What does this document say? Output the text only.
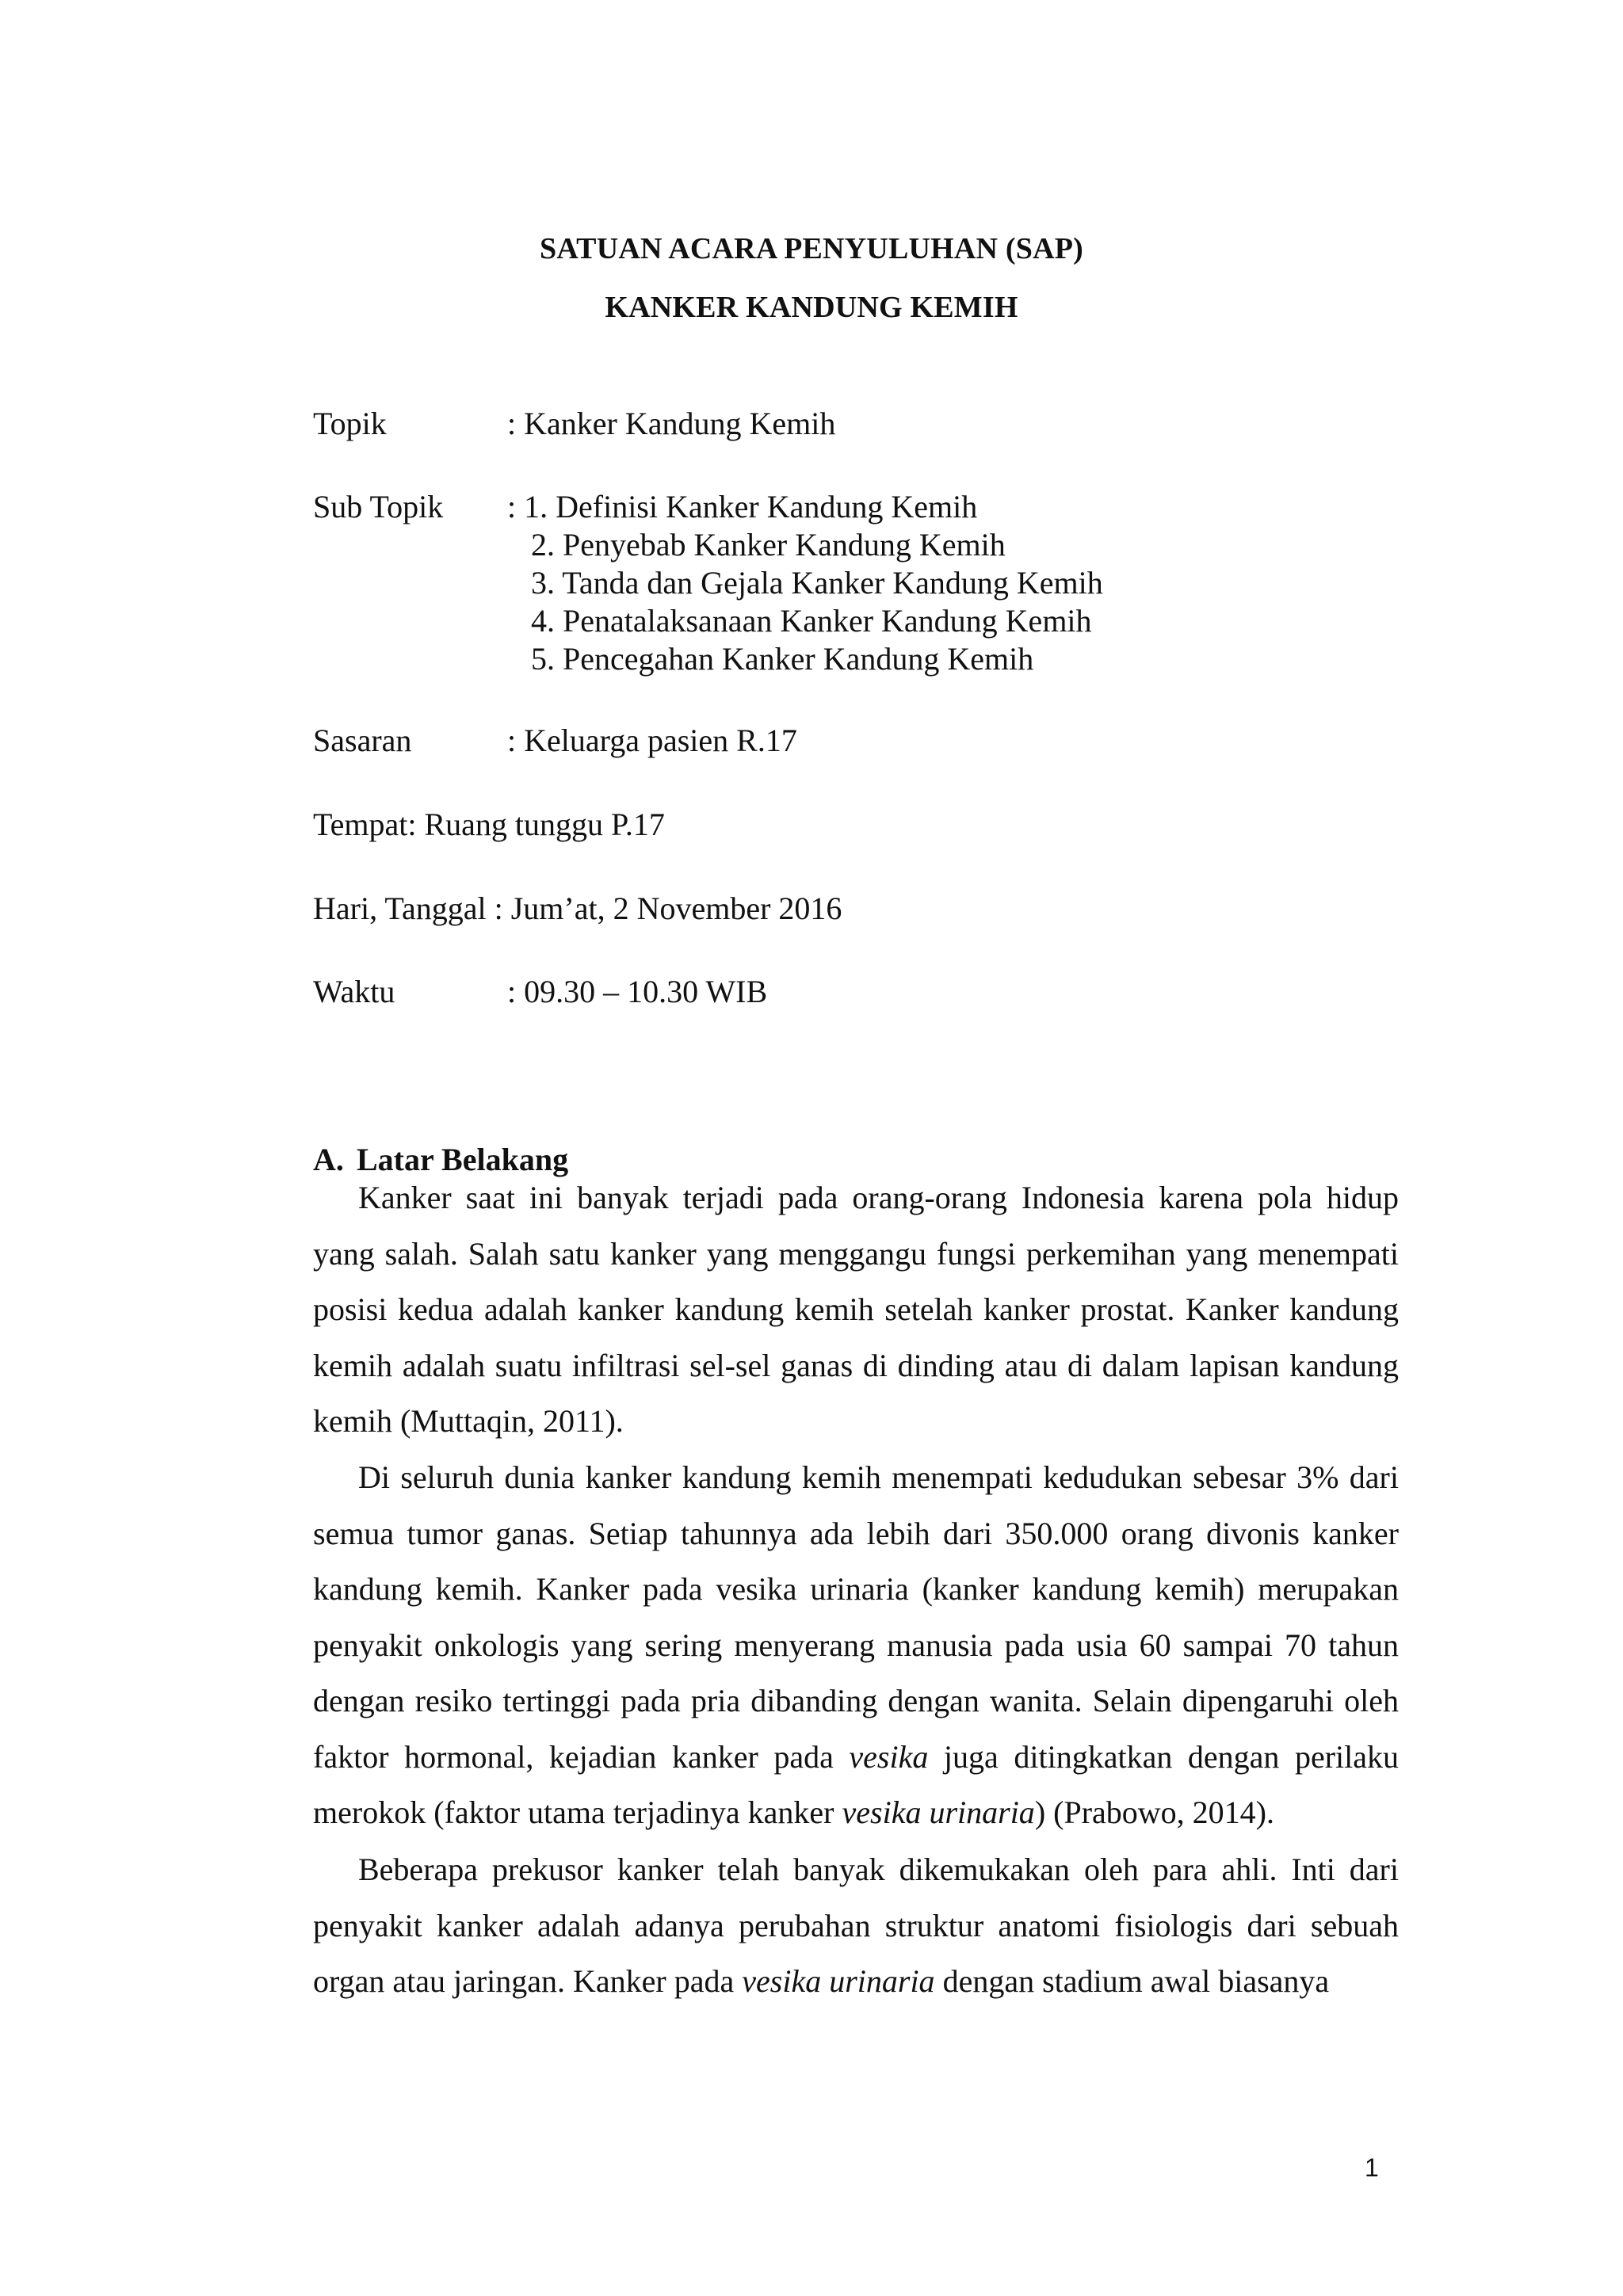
SATUAN ACARA PENYULUHAN (SAP)
KANKER KANDUNG KEMIH
Topik	: Kanker Kandung Kemih
Sub Topik : 1. Definisi Kanker Kandung Kemih
2. Penyebab Kanker Kandung Kemih
3. Tanda dan Gejala Kanker Kandung Kemih
4. Penatalaksanaan Kanker Kandung Kemih
5. Pencegahan Kanker Kandung Kemih
Sasaran	: Keluarga pasien R.17
Tempat: Ruang tunggu P.17
Hari, Tanggal : Jum’at, 2 November 2016
Waktu	: 09.30 – 10.30 WIB
A. Latar Belakang

Kanker saat ini banyak terjadi pada orang-orang Indonesia karena pola hidup yang salah. Salah satu kanker yang menggangu fungsi perkemihan yang menempati posisi kedua adalah kanker kandung kemih setelah kanker prostat. Kanker kandung kemih adalah suatu infiltrasi sel-sel ganas di dinding atau di dalam lapisan kandung kemih (Muttaqin, 2011).

Di seluruh dunia kanker kandung kemih menempati kedudukan sebesar 3% dari semua tumor ganas. Setiap tahunnya ada lebih dari 350.000 orang divonis kanker kandung kemih. Kanker pada vesika urinaria (kanker kandung kemih) merupakan penyakit onkologis yang sering menyerang manusia pada usia 60 sampai 70 tahun dengan resiko tertinggi pada pria dibanding dengan wanita. Selain dipengaruhi oleh faktor hormonal, kejadian kanker pada vesika juga ditingkatkan dengan perilaku merokok (faktor utama terjadinya kanker vesika urinaria) (Prabowo, 2014).

Beberapa prekusor kanker telah banyak dikemukakan oleh para ahli. Inti dari penyakit kanker adalah adanya perubahan struktur anatomi fisiologis dari sebuah organ atau jaringan. Kanker pada vesika urinaria dengan stadium awal biasanya

1
